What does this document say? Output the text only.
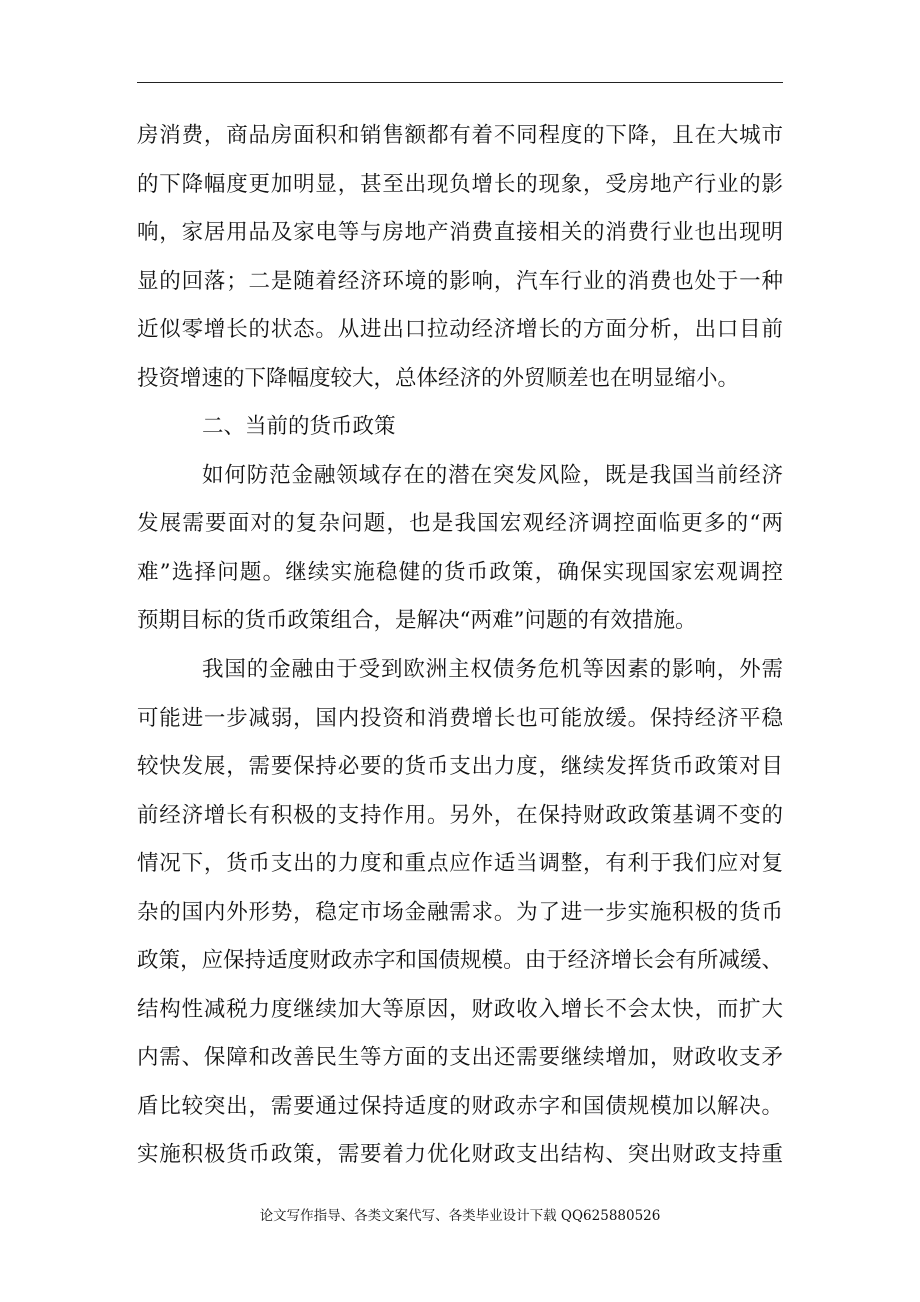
房消费，商品房面积和销售额都有着不同程度的下降，且在大城市
的下降幅度更加明显，甚至出现负增长的现象，受房地产行业的影
响，家居用品及家电等与房地产消费直接相关的消费行业也出现明
显的回落；二是随着经济环境的影响，汽车行业的消费也处于一种
近似零增长的状态。从进出口拉动经济增长的方面分析，出口目前
投资增速的下降幅度较大，总体经济的外贸顺差也在明显缩小。
二、当前的货币政策
如何防范金融领域存在的潜在突发风险，既是我国当前经济
发展需要面对的复杂问题，也是我国宏观经济调控面临更多的“两
难”选择问题。继续实施稳健的货币政策，确保实现国家宏观调控
预期目标的货币政策组合，是解决“两难”问题的有效措施。
我国的金融由于受到欧洲主权债务危机等因素的影响，外需
可能进一步减弱，国内投资和消费增长也可能放缓。保持经济平稳
较快发展，需要保持必要的货币支出力度，继续发挥货币政策对目
前经济增长有积极的支持作用。另外，在保持财政政策基调不变的
情况下，货币支出的力度和重点应作适当调整，有利于我们应对复
杂的国内外形势，稳定市场金融需求。为了进一步实施积极的货币
政策，应保持适度财政赤字和国债规模。由于经济增长会有所减缓、
结构性减税力度继续加大等原因，财政收入增长不会太快，而扩大
内需、保障和改善民生等方面的支出还需要继续增加，财政收支矛
盾比较突出，需要通过保持适度的财政赤字和国债规模加以解决。
实施积极货币政策，需要着力优化财政支出结构、突出财政支持重
论文写作指导、各类文案代写、各类毕业设计下载 QQ625880526
